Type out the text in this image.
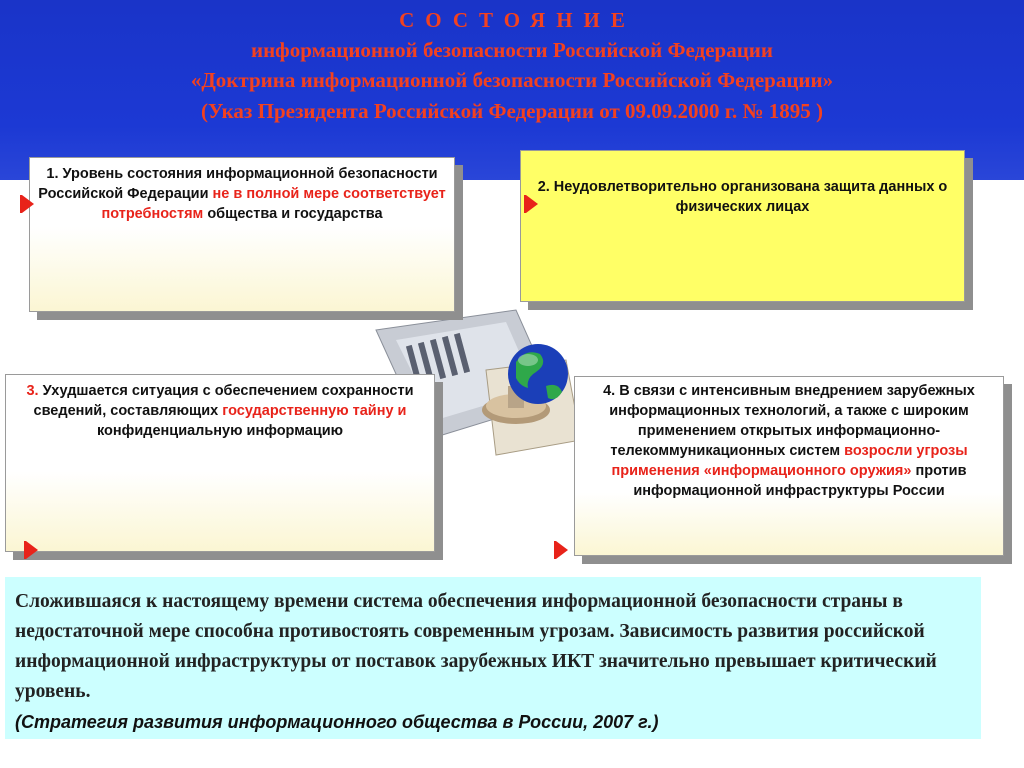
СОСТОЯНИЕ
информационной безопасности Российской Федерации
«Доктрина информационной безопасности Российской Федерации»
(Указ Президента Российской Федерации от 09.09.2000 г. № 1895 )
1. Уровень состояния информационной безопасности Российской Федерации не в полной мере соответствует потребностям общества и государства
2. Неудовлетворительно организована защита данных о физических лицах
3. Ухудшается ситуация с обеспечением сохранности сведений, составляющих государственную тайну и конфиденциальную информацию
4. В связи с интенсивным внедрением зарубежных информационных технологий, а также с широким применением открытых информационно-телекоммуникационных систем возросли угрозы применения «информационного оружия» против информационной инфраструктуры России
Сложившаяся к настоящему времени система обеспечения информационной безопасности страны в недостаточной мере способна противостоять современным угрозам. Зависимость развития российской информационной инфраструктуры от поставок зарубежных ИКТ значительно превышает критический уровень.
(Стратегия развития информационного общества в России, 2007 г.)
